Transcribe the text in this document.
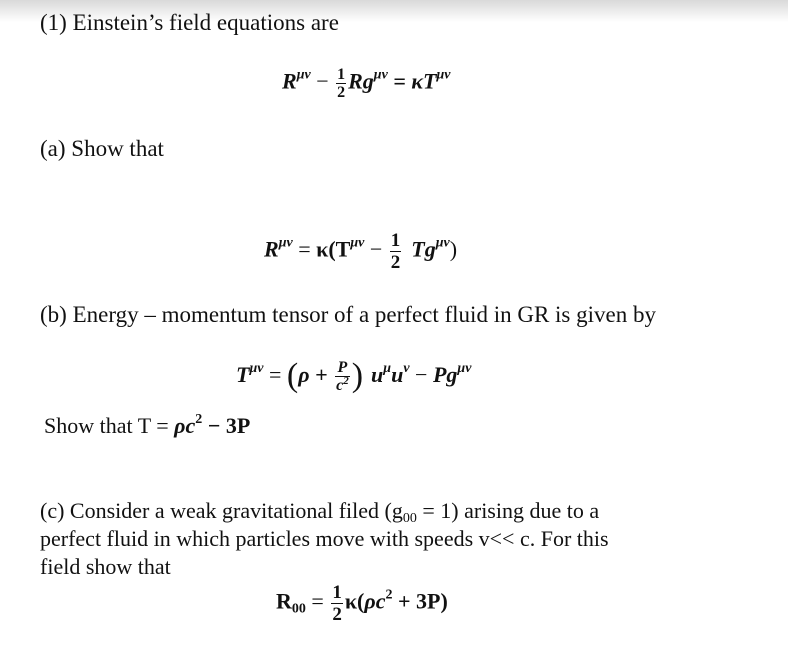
(1) Einstein’s field equations are
$R^{\mu\nu} - \frac{1}{2} Rg^{\mu\nu} = \kappa T^{\mu\nu}$
(a) Show that
$R^{\mu\nu} = \kappa(T^{\mu\nu} - \frac{1}{2} Tg^{\mu\nu})$
(b) Energy – momentum tensor of a perfect fluid in GR is given by
$T^{\mu\nu} = (\rho + \frac{P}{c^2}$ ) $u^\mu u^\nu - Pg^{\mu\nu}$
Show that $T = \rho c^2 - 3P$
(c) Consider a weak gravitational filed $(g_{00} = 1)$ arising due to a
perfect fluid in which particles move with speeds v<< c. For this
field show that
$R_{00} = \frac{1}{2} \kappa(\rho c^2 + 3P)$
